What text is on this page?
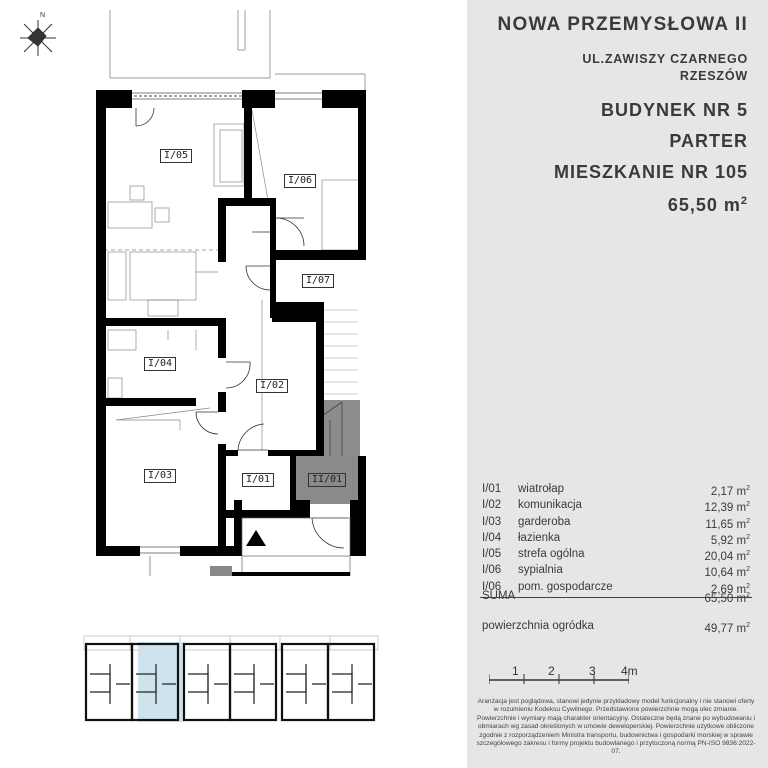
N
I/05
I/06
I/07
I/04
I/02
I/03	I/01	II/01
NOWA PRZEMYSŁOWA II
UL.ZAWISZY CZARNEGO
RZESZÓW
BUDYNEK NR 5
PARTER
MIESZKANIE NR 105
65,50 $m^2$
I/01 wiatrołap	2,17 $m^2$
I/02 komunikacja	12,39 $m^2$
I/03 garderoba	11,65 $m^2$
I/04 łazienka	5,92 $m^2$
I/05 strefa ogólna	20,04 $m^2$
I/06 sypialnia	10,64 $m^2$
I/06 pom. gospodarcze	2,69 $m^2$
SUMA	65,50 $m^2$
powierzchnia ogródka	49,77 $m^2$
1 2	3 4m
Aranżacja jest poglądowa, stanowi jedynie przykładowy model funkcjonalny i nie stanowi oferty w rozumieniu Kodeksu Cywilnego. Przedstawione powierzchnie mogą ulec zmianie. Powierzchnie i wymiary mają charakter orientacyjny. Ostateczne będą znane po wybudowaniu i obmiarach wg zasad określonych w umowie deweloperskiej. Powierzchnie użytkowe obliczone zgodnie z rozporządzeniem Ministra transportu, budownictwa i gospodarki morskiej w sprawie szczegółowego zakresu i formy projektu budowlanego i przytoczoną normą PN-ISO 9836:2022-07.
